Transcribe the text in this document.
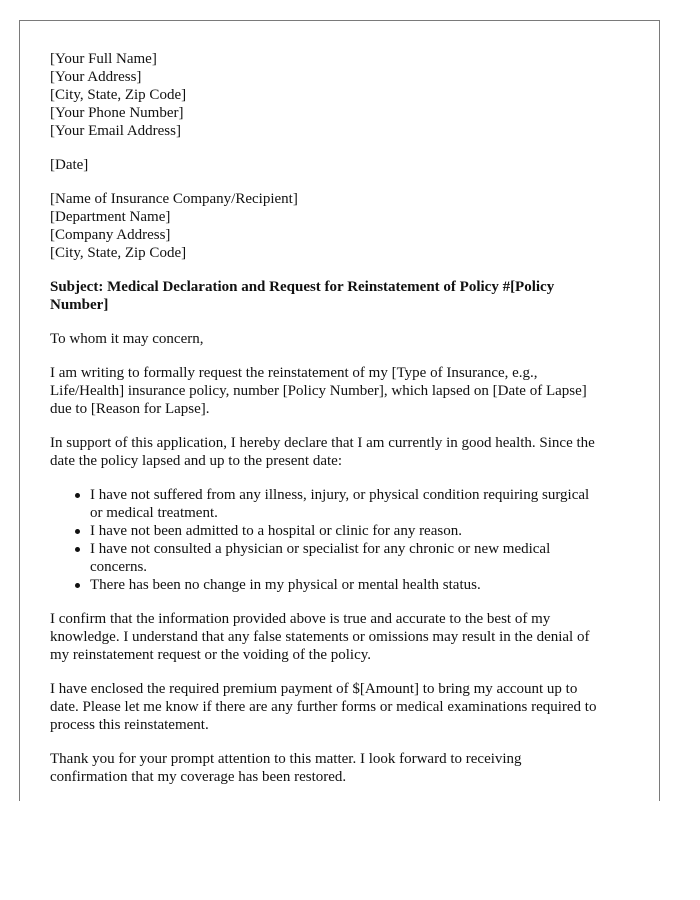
[Your Full Name]
[Your Address]
[City, State, Zip Code]
[Your Phone Number]
[Your Email Address]
[Date]
[Name of Insurance Company/Recipient]
[Department Name]
[Company Address]
[City, State, Zip Code]
Subject: Medical Declaration and Request for Reinstatement of Policy #[Policy
Number]
To whom it may concern,
I am writing to formally request the reinstatement of my [Type of Insurance, e.g.,
Life/Health] insurance policy, number [Policy Number], which lapsed on [Date of Lapse]
due to [Reason for Lapse].
In support of this application, I hereby declare that I am currently in good health. Since the
date the policy lapsed and up to the present date:
I have not suffered from any illness, injury, or physical condition requiring surgical
or medical treatment.
I have not been admitted to a hospital or clinic for any reason.
I have not consulted a physician or specialist for any chronic or new medical
concerns.
There has been no change in my physical or mental health status.
I confirm that the information provided above is true and accurate to the best of my
knowledge. I understand that any false statements or omissions may result in the denial of
my reinstatement request or the voiding of the policy.
I have enclosed the required premium payment of $[Amount] to bring my account up to
date. Please let me know if there are any further forms or medical examinations required to
process this reinstatement.
Thank you for your prompt attention to this matter. I look forward to receiving
confirmation that my coverage has been restored.
